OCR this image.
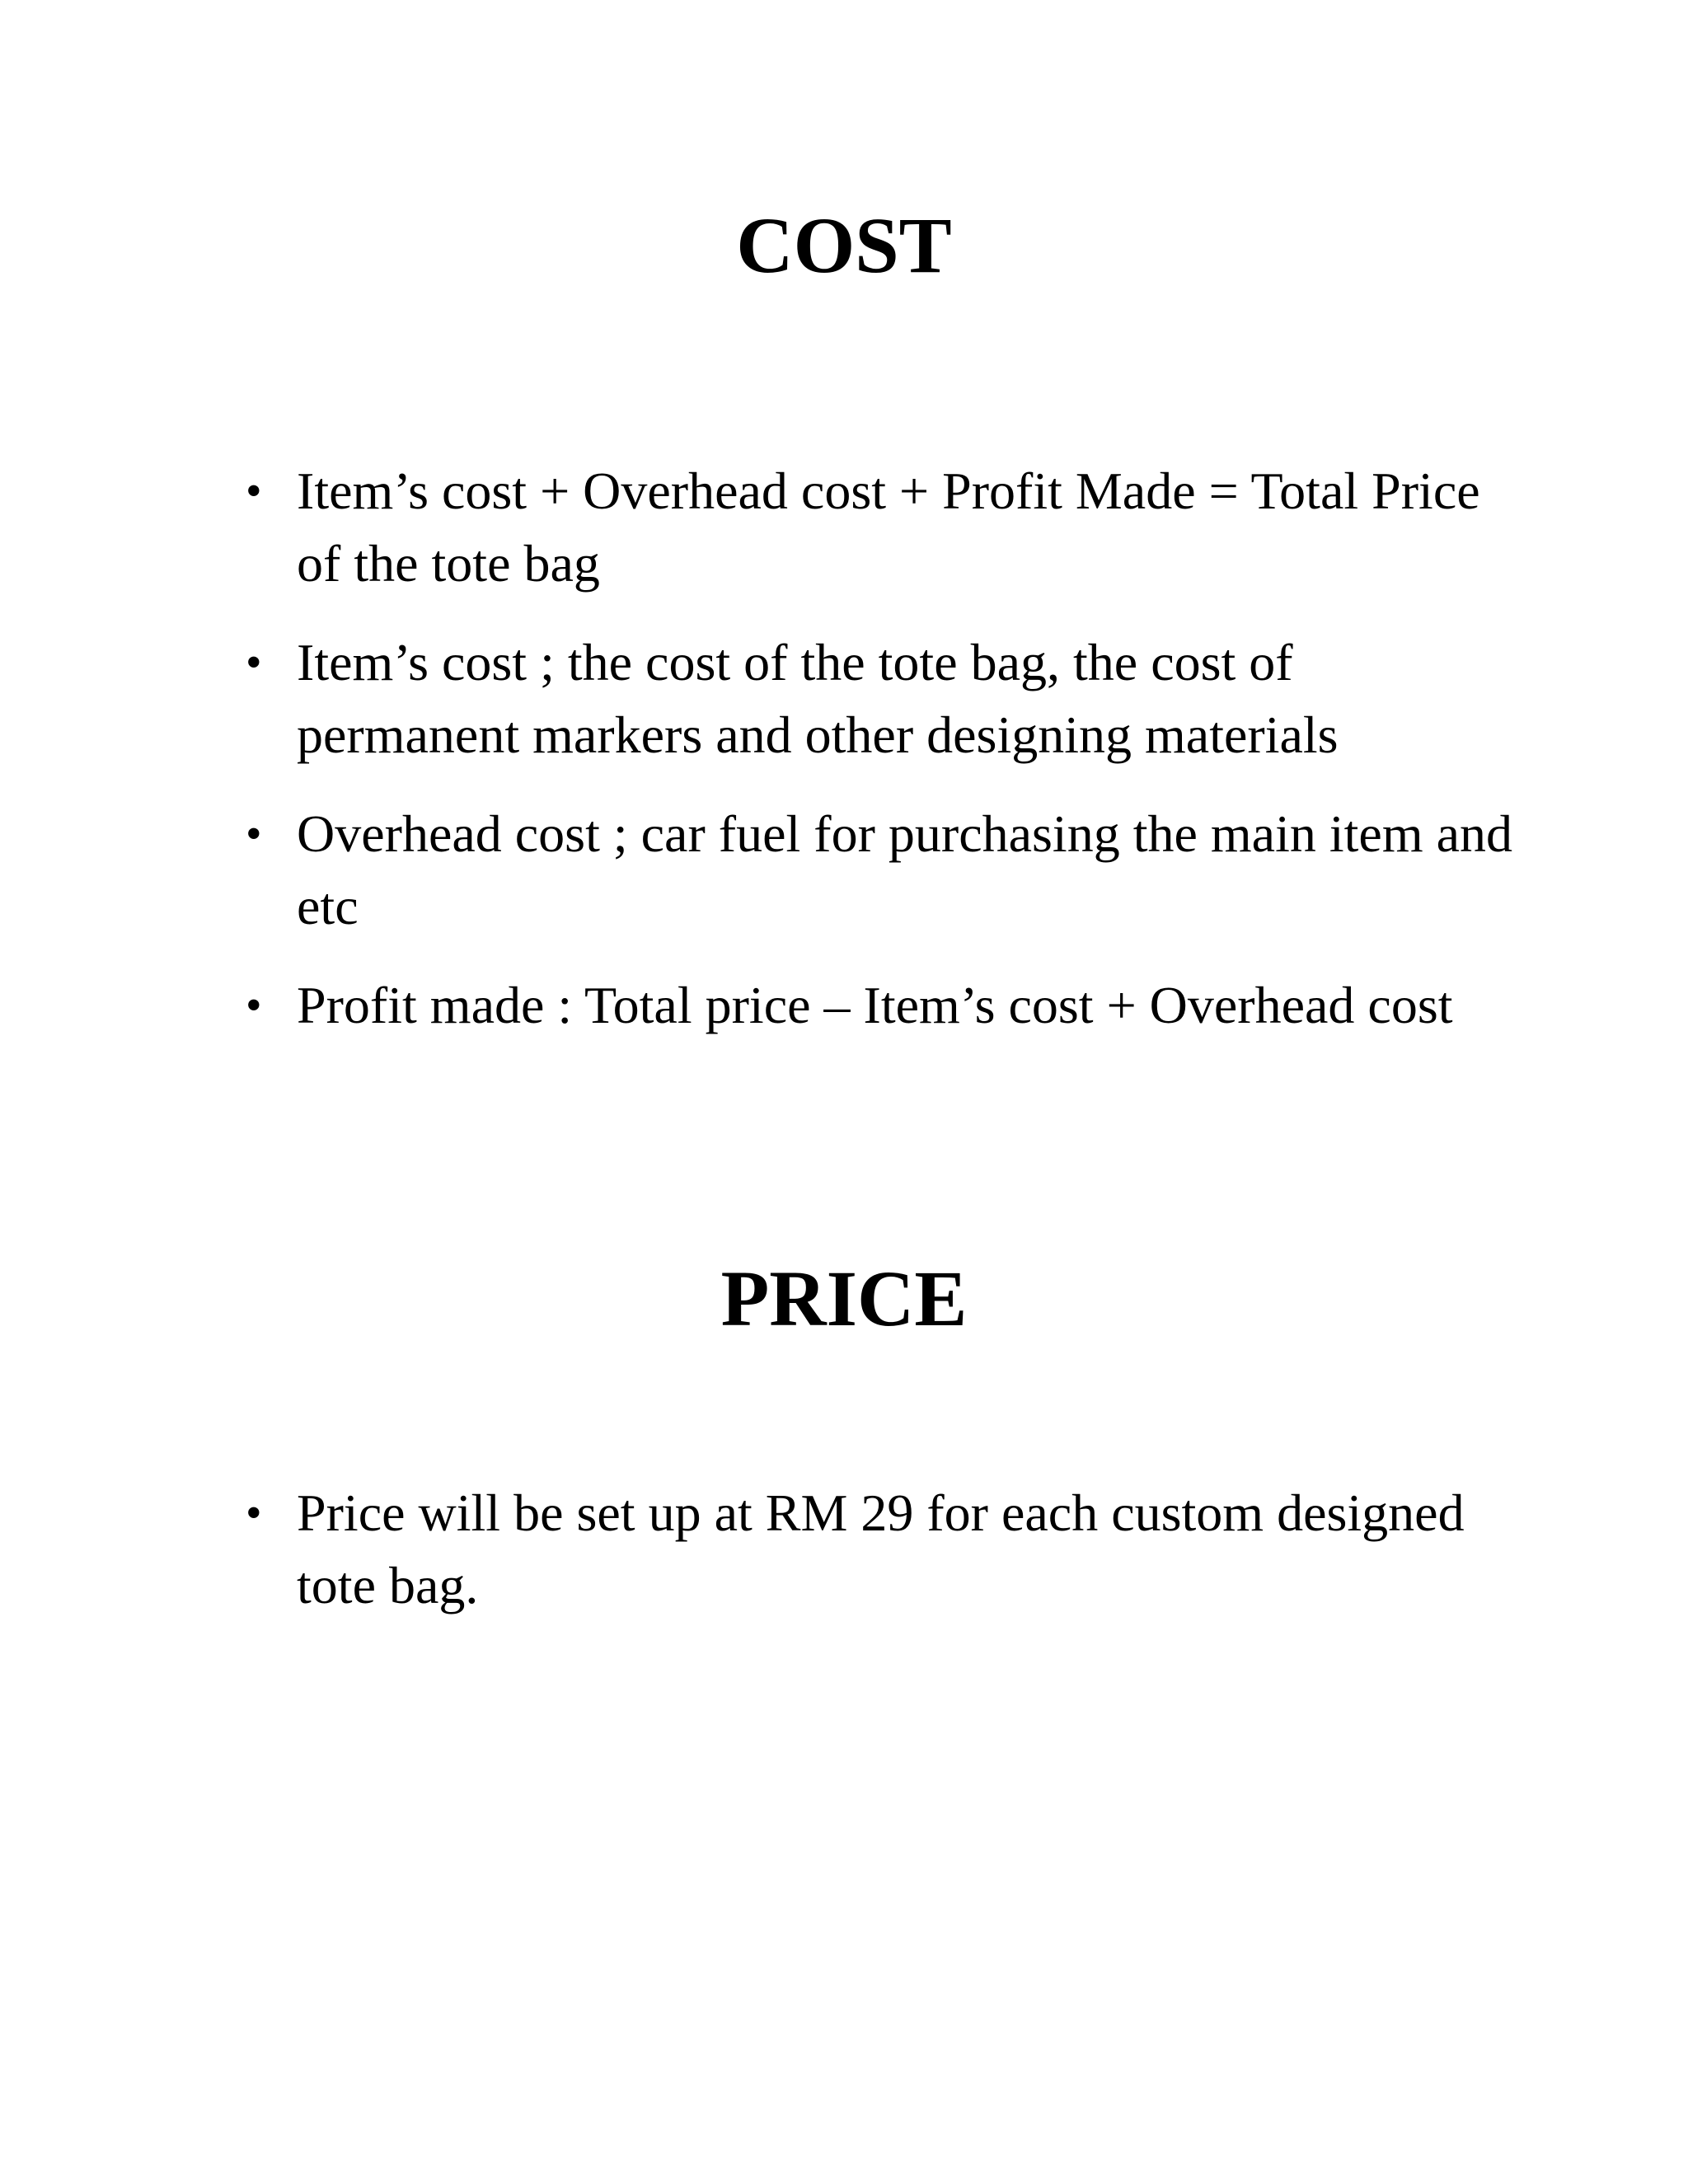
COST
• Item’s cost + Overhead cost + Profit Made = Total Price of the tote bag
• Item’s cost ; the cost of the tote bag, the cost of permanent markers and other designing materials
• Overhead cost ; car fuel for purchasing the main item and etc
• Profit made : Total price – Item’s cost + Overhead cost
PRICE
• Price will be set up at RM 29 for each custom designed tote bag.
